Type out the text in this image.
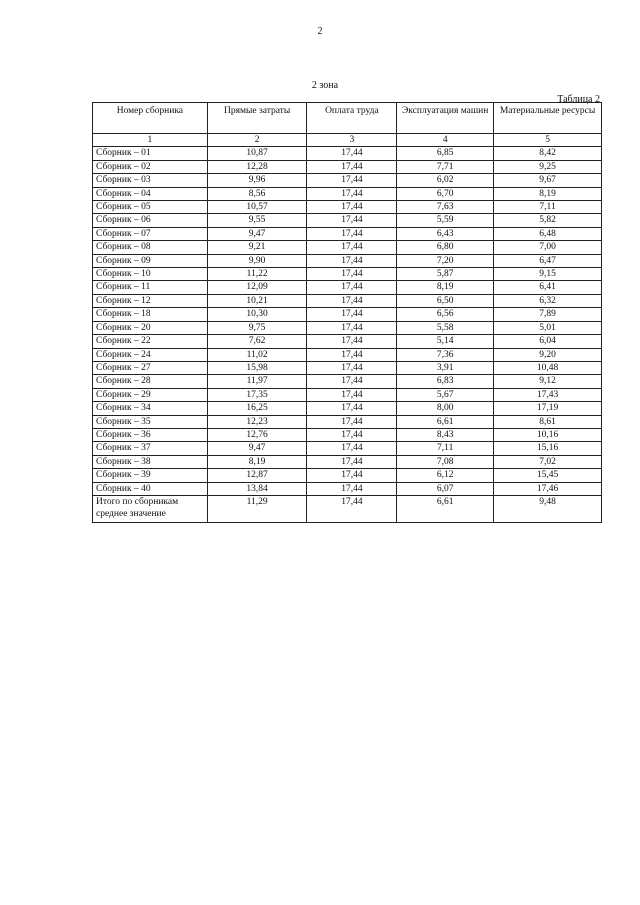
2
2 зона
Таблица 2
Номер сборника	Прямые затраты	Оплата труда	Эксплуатация машин	Материальные ресурсы
1	2	3	4	5
Сборник – 01	10,87	17,44	6,85	8,42
Сборник – 02	12,28	17,44	7,71	9,25
Сборник – 03	9,96	17,44	6,02	9,67
Сборник – 04	8,56	17,44	6,70	8,19
Сборник – 05	10,57	17,44	7,63	7,11
Сборник – 06	9,55	17,44	5,59	5,82
Сборник – 07	9,47	17,44	6,43	6,48
Сборник – 08	9,21	17,44	6,80	7,00
Сборник – 09	9,90	17,44	7,20	6,47
Сборник – 10	11,22	17,44	5,87	9,15
Сборник – 11	12,09	17,44	8,19	6,41
Сборник – 12	10,21	17,44	6,50	6,32
Сборник – 18	10,30	17,44	6,56	7,89
Сборник – 20	9,75	17,44	5,58	5,01
Сборник – 22	7,62	17,44	5,14	6,04
Сборник – 24	11,02	17,44	7,36	9,20
Сборник – 27	15,98	17,44	3,91	10,48
Сборник – 28	11,97	17,44	6,83	9,12
Сборник – 29	17,35	17,44	5,67	17,43
Сборник – 34	16,25	17,44	8,00	17,19
Сборник – 35	12,23	17,44	6,61	8,61
Сборник – 36	12,76	17,44	8,43	10,16
Сборник – 37	9,47	17,44	7,11	15,16
Сборник – 38	8,19	17,44	7,08	7,02
Сборник – 39	12,87	17,44	6,12	15,45
Сборник – 40	13,84	17,44	6,07	17,46

Итого по сборникам
среднее значение	11,29	17,44	6,61	9,48
